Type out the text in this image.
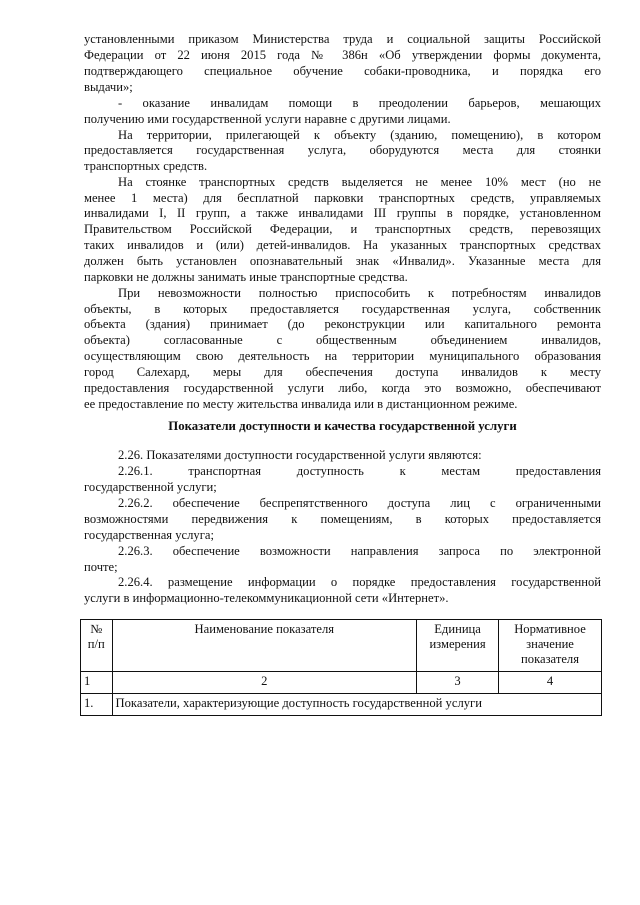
установленными приказом Министерства труда и социальной защиты Российской
Федерации от 22 июня 2015 года № 386н «Об утверждении формы документа,
подтверждающего специальное обучение собаки-проводника, и порядка его
выдачи»;
- оказание инвалидам помощи в преодолении барьеров, мешающих
получению ими государственной услуги наравне с другими лицами.
На территории, прилегающей к объекту (зданию, помещению), в котором
предоставляется государственная услуга, оборудуются места для стоянки
транспортных средств.
На стоянке транспортных средств выделяется не менее 10% мест (но не
менее 1 места) для бесплатной парковки транспортных средств, управляемых
инвалидами I, II групп, а также инвалидами III группы в порядке, установленном
Правительством Российской Федерации, и транспортных средств, перевозящих
таких инвалидов и (или) детей-инвалидов. На указанных транспортных средствах
должен быть установлен опознавательный знак «Инвалид». Указанные места для
парковки не должны занимать иные транспортные средства.
При невозможности полностью приспособить к потребностям инвалидов
объекты, в которых предоставляется государственная услуга, собственник
объекта (здания) принимает (до реконструкции или капитального ремонта
объекта) согласованные с общественным объединением инвалидов,
осуществляющим свою деятельность на территории муниципального образования
город Салехард, меры для обеспечения доступа инвалидов к месту
предоставления государственной услуги либо, когда это возможно, обеспечивают
Показатели доступности и качества государственной услуги
2.26. Показателями доступности государственной услуги являются:
2.26.1. транспортная доступность к местам предоставления
государственной услуги;
2.26.2. обеспечение беспрепятственного доступа лиц с ограниченными
возможностями передвижения к помещениям, в которых предоставляется
государственная услуга;
2.26.3. обеспечение возможности направления запроса по электронной
почте;
2.26.4. размещение информации о порядке предоставления государственной
услуги в информационно-телекоммуникационной сети «Интернет».
№ п/п	Наименование показателя	Единица измерения	Нормативное значение показателя
1	2	3	4
1.	Показатели, характеризующие доступность государственной услуги		
ее предоставление по месту жительства инвалида или в дистанционном режиме.
